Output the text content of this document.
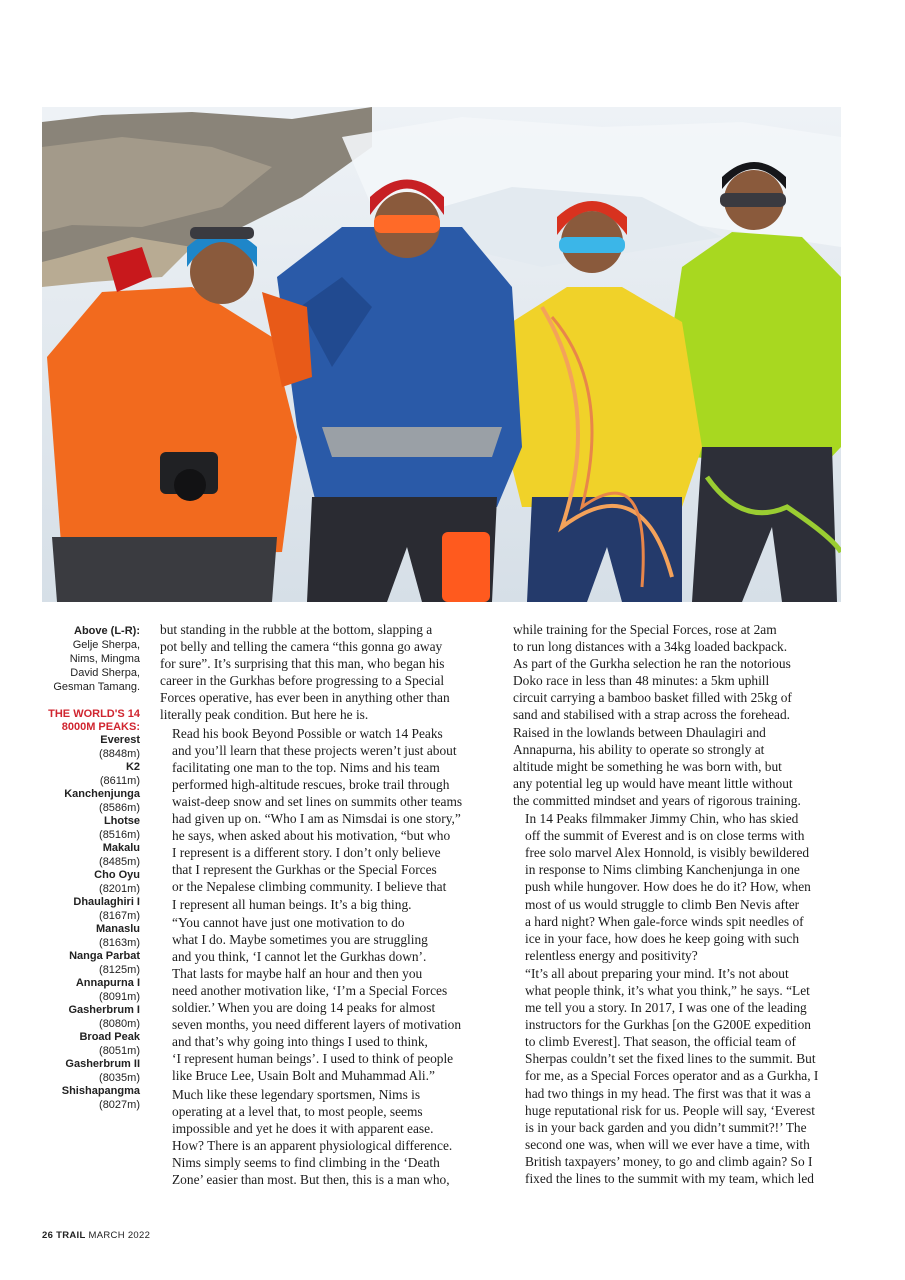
Above (L-R):
Gelje Sherpa,
Nims, Mingma
David Sherpa,
Gesman Tamang.
THE WORLD'S 14
8000M PEAKS:
Everest
(8848m)
K2
(8611m)
Kanchenjunga
(8586m)
Lhotse
(8516m)
Makalu
(8485m)
Cho Oyu
(8201m)
Dhaulaghiri I
(8167m)
Manaslu
(8163m)
Nanga Parbat
(8125m)
Annapurna I
(8091m)
Gasherbrum I
(8080m)
Broad Peak
(8051m)
Gasherbrum II
(8035m)
Shishapangma
(8027m)

but standing in the rubble at the bottom, slapping a
pot belly and telling the camera “this gonna go away
for sure”. It’s surprising that this man, who began his
career in the Gurkhas before progressing to a Special
Forces operative, has ever been in anything other than
literally peak condition. But here he is.

Read his book Beyond Possible or watch 14 Peaks
and you’ll learn that these projects weren’t just about
facilitating one man to the top. Nims and his team
performed high-altitude rescues, broke trail through
waist-deep snow and set lines on summits other teams
had given up on. “Who I am as Nimsdai is one story,”
he says, when asked about his motivation, “but who
I represent is a different story. I don’t only believe
that I represent the Gurkhas or the Special Forces
or the Nepalese climbing community. I believe that
I represent all human beings. It’s a big thing.

“You cannot have just one motivation to do
what I do. Maybe sometimes you are struggling
and you think, ‘I cannot let the Gurkhas down’.
That lasts for maybe half an hour and then you
need another motivation like, ‘I’m a Special Forces
soldier.’ When you are doing 14 peaks for almost
seven months, you need different layers of motivation
and that’s why going into things I used to think,
‘I represent human beings’. I used to think of people
like Bruce Lee, Usain Bolt and Muhammad Ali.”

Much like these legendary sportsmen, Nims is
operating at a level that, to most people, seems
impossible and yet he does it with apparent ease.
How? There is an apparent physiological difference.
Nims simply seems to find climbing in the ‘Death
Zone’ easier than most. But then, this is a man who,

while training for the Special Forces, rose at 2am
to run long distances with a 34kg loaded backpack.
As part of the Gurkha selection he ran the notorious
Doko race in less than 48 minutes: a 5km uphill
circuit carrying a bamboo basket filled with 25kg of
sand and stabilised with a strap across the forehead.
Raised in the lowlands between Dhaulagiri and
Annapurna, his ability to operate so strongly at
altitude might be something he was born with, but
any potential leg up would have meant little without
the committed mindset and years of rigorous training.

In 14 Peaks filmmaker Jimmy Chin, who has skied
off the summit of Everest and is on close terms with
free solo marvel Alex Honnold, is visibly bewildered
in response to Nims climbing Kanchenjunga in one
push while hungover. How does he do it? How, when
most of us would struggle to climb Ben Nevis after
a hard night? When gale-force winds spit needles of
ice in your face, how does he keep going with such
relentless energy and positivity?

“It’s all about preparing your mind. It’s not about
what people think, it’s what you think,” he says. “Let
me tell you a story. In 2017, I was one of the leading
instructors for the Gurkhas [on the G200E expedition
to climb Everest]. That season, the official team of
Sherpas couldn’t set the fixed lines to the summit. But
for me, as a Special Forces operator and as a Gurkha, I
had two things in my head. The first was that it was a
huge reputational risk for us. People will say, ‘Everest
is in your back garden and you didn’t summit?!’ The
second one was, when will we ever have a time, with
British taxpayers’ money, to go and climb again? So I
fixed the lines to the summit with my team, which led

26 TRAIL MARCH 2022
